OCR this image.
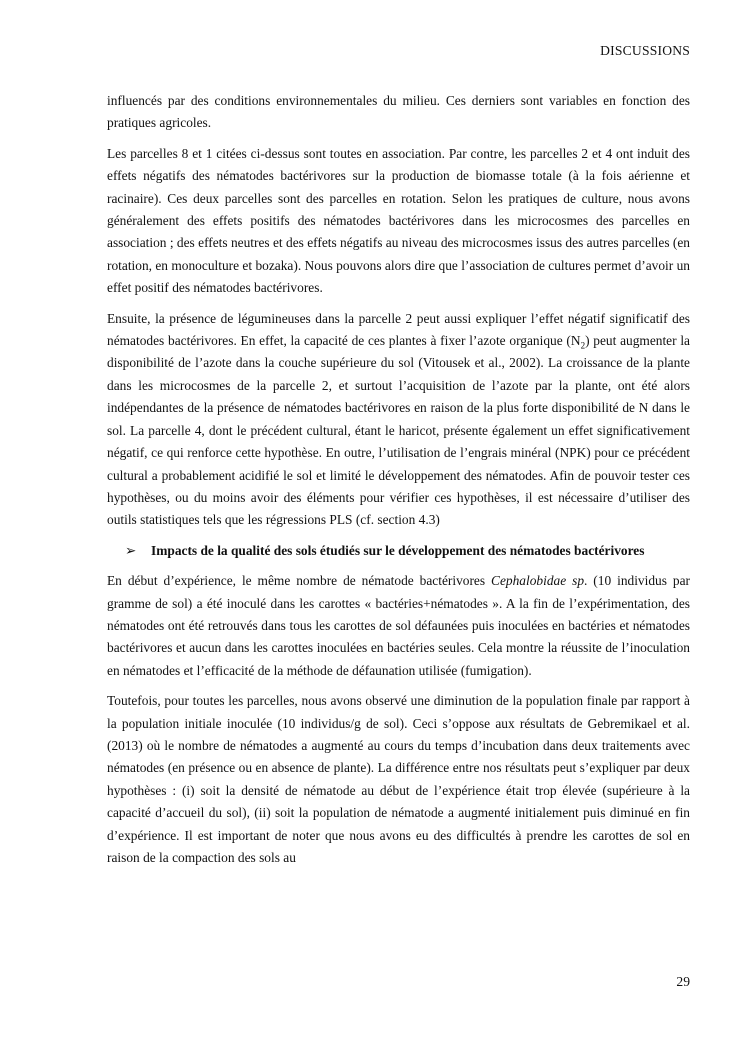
DISCUSSIONS

influencés par des conditions environnementales du milieu. Ces derniers sont variables en fonction des pratiques agricoles.

Les parcelles 8 et 1 citées ci-dessus sont toutes en association. Par contre, les parcelles 2 et 4 ont induit des effets négatifs des nématodes bactérivores sur la production de biomasse totale (à la fois aérienne et racinaire). Ces deux parcelles sont des parcelles en rotation. Selon les pratiques de culture, nous avons généralement des effets positifs des nématodes bactérivores dans les microcosmes des parcelles en association ; des effets neutres et des effets négatifs au niveau des microcosmes issus des autres parcelles (en rotation, en monoculture et bozaka). Nous pouvons alors dire que l’association de cultures permet d’avoir un effet positif des nématodes bactérivores.

Ensuite, la présence de légumineuses dans la parcelle 2 peut aussi expliquer l’effet négatif significatif des nématodes bactérivores. En effet, la capacité de ces plantes à fixer l’azote organique $(N_2)$ peut augmenter la disponibilité de l’azote dans la couche supérieure du sol (Vitousek et al., 2002). La croissance de la plante dans les microcosmes de la parcelle 2, et surtout l’acquisition de l’azote par la plante, ont été alors indépendantes de la présence de nématodes bactérivores en raison de la plus forte disponibilité de N dans le sol. La parcelle 4, dont le précédent cultural, étant le haricot, présente également un effet significativement négatif, ce qui renforce cette hypothèse. En outre, l’utilisation de l’engrais minéral (NPK) pour ce précédent cultural a probablement acidifié le sol et limité le développement des nématodes. Afin de pouvoir tester ces hypothèses, ou du moins avoir des éléments pour vérifier ces hypothèses, il est nécessaire d’utiliser des outils statistiques tels que les régressions PLS (cf. section 4.3)

➢	Impacts de la qualité des sols étudiés sur le développement des nématodes bactérivores

En début d’expérience, le même nombre de nématode bactérivores Cephalobidae sp. (10 individus par gramme de sol) a été inoculé dans les carottes « bactéries+nématodes ». A la fin de l’expérimentation, des nématodes ont été retrouvés dans tous les carottes de sol défaunées puis inoculées en bactéries et nématodes bactérivores et aucun dans les carottes inoculées en bactéries seules. Cela montre la réussite de l’inoculation en nématodes et l’efficacité de la méthode de défaunation utilisée (fumigation).

Toutefois, pour toutes les parcelles, nous avons observé une diminution de la population finale par rapport à la population initiale inoculée (10 individus/g de sol). Ceci s’oppose aux résultats de Gebremikael et al. (2013) où le nombre de nématodes a augmenté au cours du temps d’incubation dans deux traitements avec nématodes (en présence ou en absence de plante). La différence entre nos résultats peut s’expliquer par deux hypothèses : (i) soit la densité de nématode au début de l’expérience était trop élevée (supérieure à la capacité d’accueil du sol), (ii) soit la population de nématode a augmenté initialement puis diminué en fin d’expérience. Il est important de noter que nous avons eu des difficultés à prendre les carottes de sol en raison de la compaction des sols au

29
